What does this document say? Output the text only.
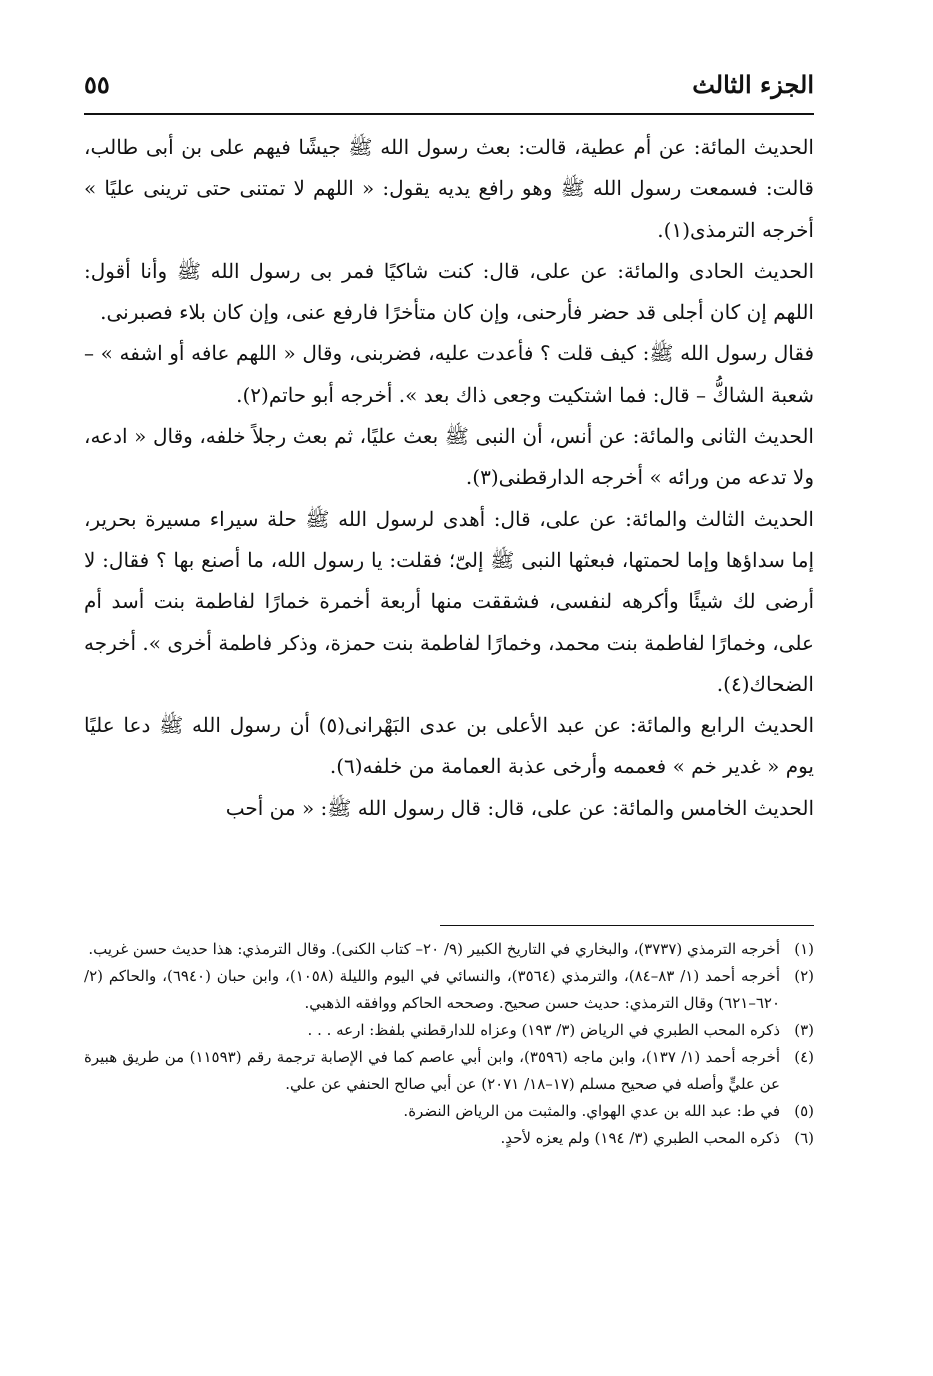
الجزء الثالث
٥٥

الحديث المائة: عن أم عطية، قالت: بعث رسول الله ﷺ جيشًا فيهم على بن أبى طالب، قالت: فسمعت رسول الله ﷺ وهو رافع يديه يقول: « اللهم لا تمتنى حتى ترينى عليًا » أخرجه الترمذى(١).

الحديث الحادى والمائة: عن على، قال: كنت شاكيًا فمر بى رسول الله ﷺ وأنا أقول: اللهم إن كان أجلى قد حضر فأرحنى، وإن كان متأخرًا فارفع عنى، وإن كان بلاء فصبرنى.

فقال رسول الله ﷺ: كيف قلت ؟ فأعدت عليه، فضربنى، وقال « اللهم عافه أو اشفه » –شعبة الشاكُّ – قال: فما اشتكيت وجعى ذاك بعد ». أخرجه أبو حاتم(٢).

الحديث الثانى والمائة: عن أنس، أن النبى ﷺ بعث عليًا، ثم بعث رجلاً خلفه، وقال « ادعه، ولا تدعه من ورائه » أخرجه الدارقطنى(٣).

الحديث الثالث والمائة: عن على، قال: أهدى لرسول الله ﷺ حلة سيراء مسيرة بحرير، إما سداؤها وإما لحمتها، فبعثها النبى ﷺ إلىّ؛ فقلت: يا رسول الله، ما أصنع بها ؟ فقال: لا أرضى لك شيئًا وأكرهه لنفسى، فشققت منها أربعة أخمرة خمارًا لفاطمة بنت أسد أم على، وخمارًا لفاطمة بنت محمد، وخمارًا لفاطمة بنت حمزة، وذكر فاطمة أخرى ». أخرجه الضحاك(٤).

الحديث الرابع والمائة: عن عبد الأعلى بن عدى البَهْرانى(٥) أن رسول الله ﷺ دعا عليًا يوم « غدير خم » فعممه وأرخى عذبة العمامة من خلفه(٦).

الحديث الخامس والمائة: عن على، قال: قال رسول الله ﷺ: « من أحب

(١)
أخرجه الترمذي (٣٧٣٧)، والبخاري في التاريخ الكبير (٩/ ٢٠– كتاب الكنى). وقال الترمذي: هذا حديث حسن غريب.
(٢)
أخرجه أحمد (١/ ٨٣–٨٤)، والترمذي (٣٥٦٤)، والنسائي في اليوم والليلة (١٠٥٨)، وابن حبان (٦٩٤٠)، والحاكم (٢/ ٦٢٠–٦٢١) وقال الترمذي: حديث حسن صحيح. وصححه الحاكم ووافقه الذهبي.
(٣)
ذكره المحب الطبري في الرياض (٣/ ١٩٣) وعزاه للدارقطني بلفظ: ارعه . . .
(٤)
أخرجه أحمد (١/ ١٣٧)، وابن ماجه (٣٥٩٦)، وابن أبي عاصم كما في الإصابة ترجمة رقم (١١٥٩٣) من طريق هبيرة عن عليٍّ وأصله في صحيح مسلم (١٧–١٨/ ٢٠٧١) عن أبي صالح الحنفي عن علي.
(٥)
في ط: عبد الله بن عدي الهواي. والمثبت من الرياض النضرة.
(٦)
ذكره المحب الطبري (٣/ ١٩٤) ولم يعزه لأحدٍ.
